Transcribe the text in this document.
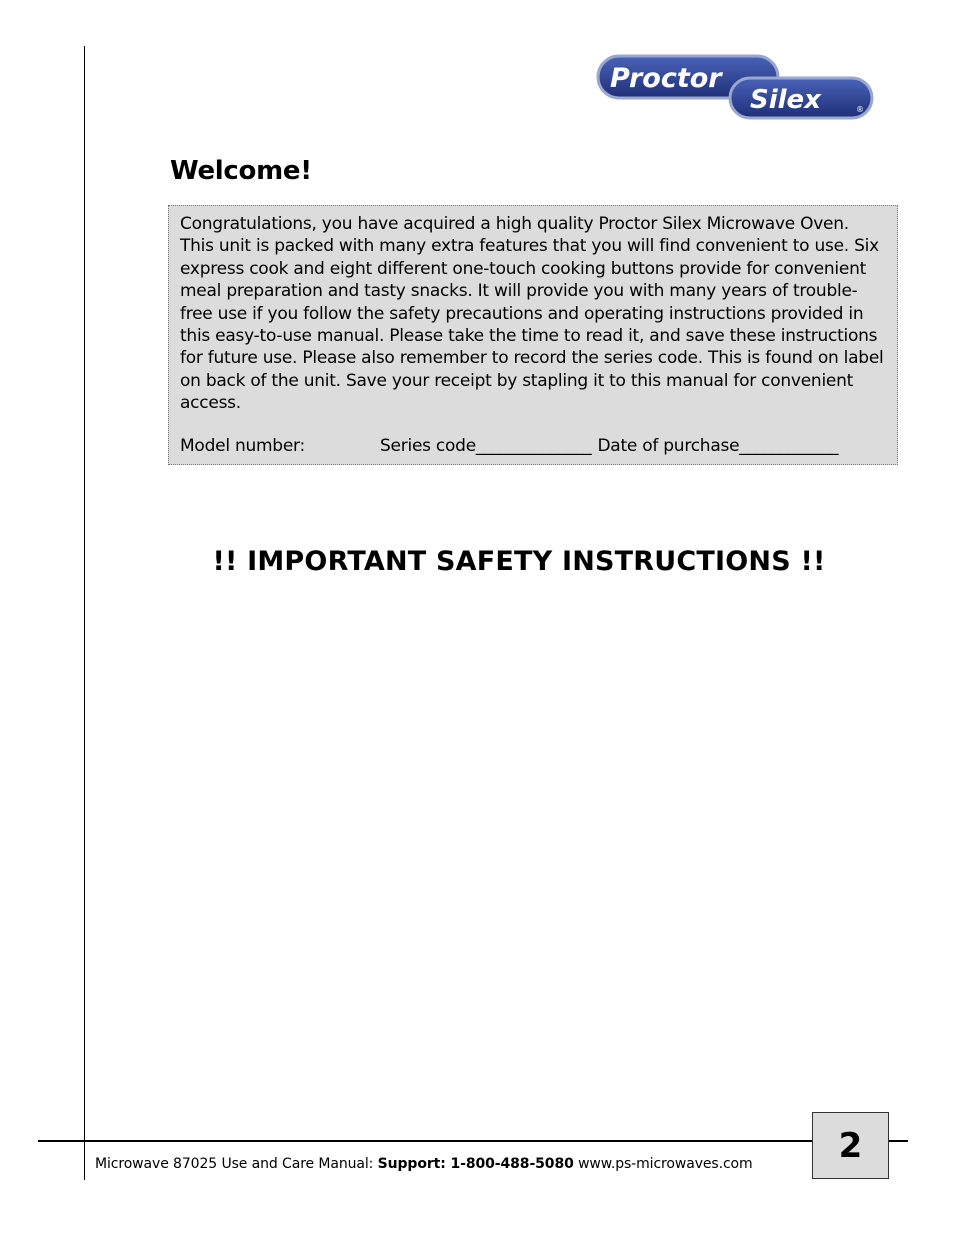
Proctor
Silex	®
Welcome!

Congratulations, you have acquired a high quality Proctor Silex Microwave Oven. This unit is packed with many extra features that you will find convenient to use. Six express cook and eight different one-touch cooking buttons provide for convenient meal preparation and tasty snacks. It will provide you with many years of trouble-free use if you follow the safety precautions and operating instructions provided in this easy-to-use manual. Please take the time to read it, and save these instructions for future use. Please also remember to record the series code. This is found on label on back of the unit. Save your receipt by stapling it to this manual for convenient access.

Model number:	Series code______________ Date of purchase____________
!! IMPORTANT SAFETY INSTRUCTIONS !!
Microwave 87025 Use and Care Manual: Support: 1-800-488-5080 www.ps-microwaves.com	2
